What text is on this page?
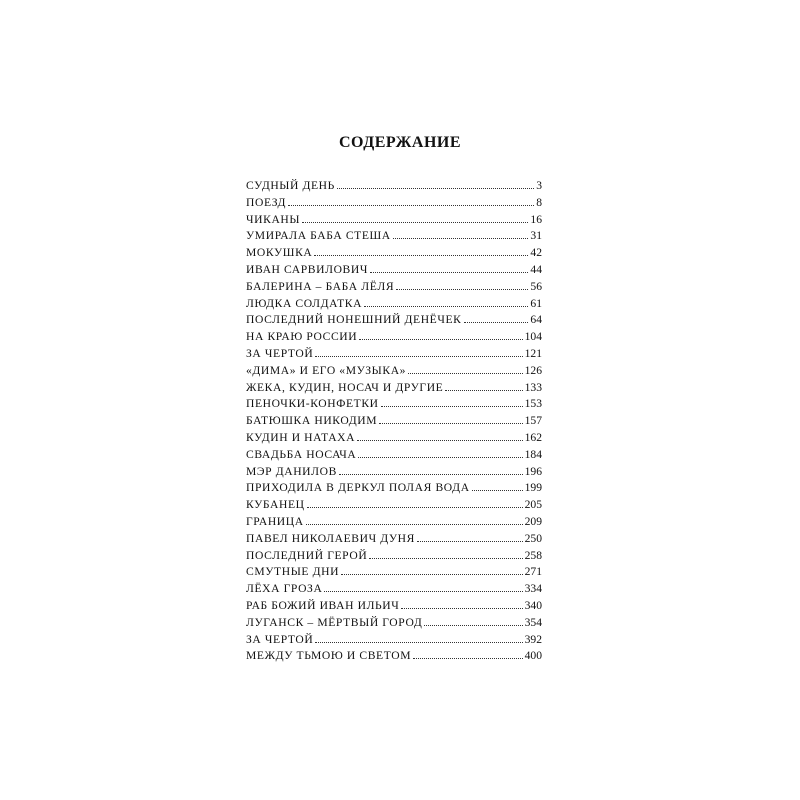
СОДЕРЖАНИЕ
СУДНЫЙ ДЕНЬ	3
ПОЕЗД	8
ЧИКАНЫ	16
УМИРАЛА БАБА СТЕША	31
МОКУШКА	42
ИВАН САРВИЛОВИЧ	44
БАЛЕРИНА – БАБА ЛЁЛЯ	56
ЛЮДКА СОЛДАТКА	61
ПОСЛЕДНИЙ НОНЕШНИЙ ДЕНЁЧЕК	64
НА КРАЮ РОССИИ	104
ЗА ЧЕРТОЙ	121
«ДИМА» И ЕГО «МУЗЫКА»	126
ЖЕКА, КУДИН, НОСАЧ И ДРУГИЕ	133
ПЕНОЧКИ-КОНФЕТКИ	153
БАТЮШКА НИКОДИМ	157
КУДИН И НАТАХА	162
СВАДЬБА НОСАЧА	184
МЭР ДАНИЛОВ	196
ПРИХОДИЛА В ДЕРКУЛ ПОЛАЯ ВОДА	199
КУБАНЕЦ	205
ГРАНИЦА	209
ПАВЕЛ НИКОЛАЕВИЧ ДУНЯ	250
ПОСЛЕДНИЙ ГЕРОЙ	258
СМУТНЫЕ ДНИ	271
ЛЁХА ГРОЗА	334
РАБ БОЖИЙ ИВАН ИЛЬИЧ	340
ЛУГАНСК – МЁРТВЫЙ ГОРОД	354
ЗА ЧЕРТОЙ	392
МЕЖДУ ТЬМОЮ И СВЕТОМ	400
